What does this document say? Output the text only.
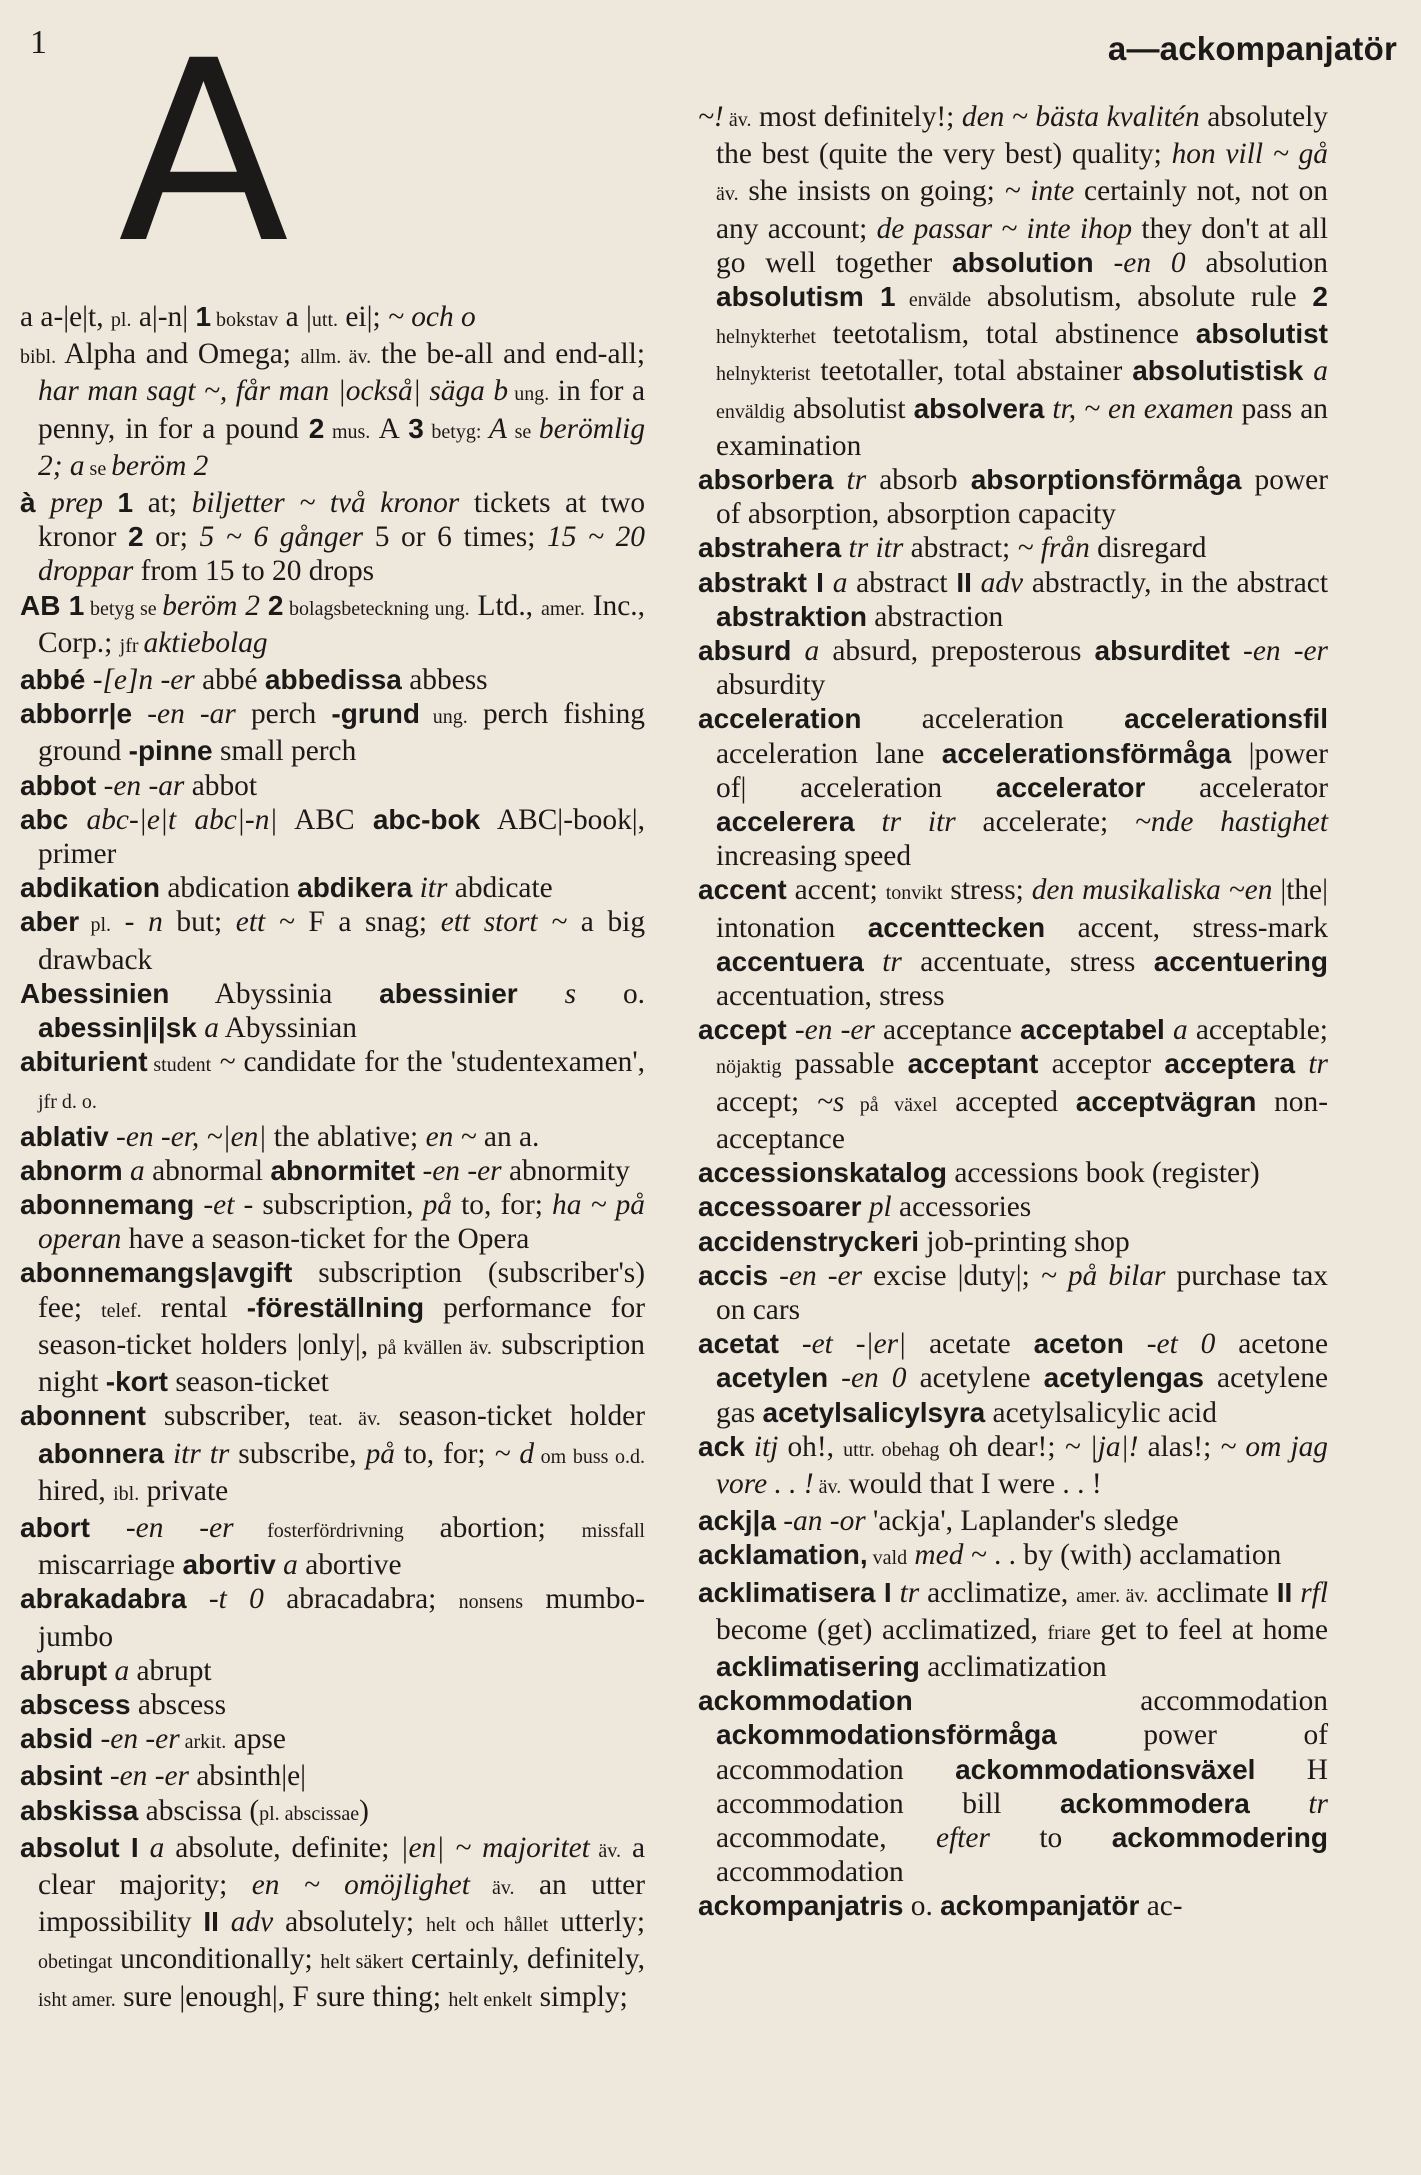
1	a—ackompanjatör
A

a a-|e|t, pl. a|-n| 1 bokstav a |utt. ei|; ~ och o

bibl. Alpha and Omega; allm. äv. the be-all and end-all; har man sagt ~, får man |också| säga b ung. in for a penny, in for a pound 2 mus. A 3 betyg: A se berömlig 2; a se beröm 2

à prep 1 at; biljetter ~ två kronor tickets at two kronor 2 or; 5 ~ 6 gånger 5 or 6 times; 15 ~ 20 droppar from 15 to 20 drops

AB 1 betyg se beröm 2 2 bolagsbeteckning ung. Ltd., amer. Inc., Corp.; jfr aktiebolag

abbé -[e]n -er abbé abbedissa abbess

abborr|e -en -ar perch -grund ung. perch fishing ground -pinne small perch

abbot -en -ar abbot

abc abc-|e|t abc|-n| ABC abc-bok ABC|-book|, primer

abdikation abdication abdikera itr abdicate

aber pl. - n but; ett ~ F a snag; ett stort ~ a big drawback

Abessinien Abyssinia abessinier s o. abessin|i|sk a Abyssinian

abiturient student ~ candidate for the 'studentexamen', jfr d. o.

ablativ -en -er, ~|en| the ablative; en ~ an a.

abnorm a abnormal abnormitet -en -er abnormity

abonnemang -et - subscription, på to, for; ha ~ på operan have a season-ticket for the Opera

abonnemangs|avgift subscription (subscriber's) fee; telef. rental -föreställning performance for season-ticket holders |only|, på kvällen äv. subscription night -kort season-ticket

abonnent subscriber, teat. äv. season-ticket holder abonnera itr tr subscribe, på to, for; ~ d om buss o.d. hired, ibl. private

abort -en -er fosterfördrivning abortion; missfall miscarriage abortiv a abortive

abrakadabra -t 0 abracadabra; nonsens mumbo-jumbo

abrupt a abrupt

abscess abscess

absid -en -er arkit. apse

absint -en -er absinth|e|

abskissa abscissa (pl. abscissae)

absolut I a absolute, definite; |en| ~ majoritet äv. a clear majority; en ~ omöjlighet äv. an utter impossibility II adv absolutely; helt och hållet utterly; obetingat unconditionally; helt säkert certainly, definitely, isht amer. sure |enough|, F sure thing; helt enkelt simply;

~! äv. most definitely!; den ~ bästa kvalitén absolutely the best (quite the very best) quality; hon vill ~ gå äv. she insists on going; ~ inte certainly not, not on any account; de passar ~ inte ihop they don't at all go well together absolution -en 0 absolution absolutism 1 envälde absolutism, absolute rule 2 helnykterhet teetotalism, total abstinence absolutist helnykterist teetotaller, total abstainer absolutistisk a enväldig absolutist absolvera tr, ~ en examen pass an examination

absorbera tr absorb absorptionsförmåga power of absorption, absorption capacity

abstrahera tr itr abstract; ~ från disregard

abstrakt I a abstract II adv abstractly, in the abstract abstraktion abstraction

absurd a absurd, preposterous absurditet -en -er absurdity

acceleration acceleration accelerationsfil acceleration lane accelerationsförmåga |power of| acceleration accelerator accelerator accelerera tr itr accelerate; ~nde hastighet increasing speed

accent accent; tonvikt stress; den musikaliska ~en |the| intonation accenttecken accent, stress-mark accentuera tr accentuate, stress accentuering accentuation, stress

accept -en -er acceptance acceptabel a acceptable; nöjaktig passable acceptant acceptor acceptera tr accept; ~s på växel accepted acceptvägran non-acceptance

accessionskatalog accessions book (register)

accessoarer pl accessories

accidenstryckeri job-printing shop

accis -en -er excise |duty|; ~ på bilar purchase tax on cars

acetat -et -|er| acetate aceton -et 0 acetone acetylen -en 0 acetylene acetylengas acetylene gas acetylsalicylsyra acetylsalicylic acid

ack itj oh!, uttr. obehag oh dear!; ~ |ja|! alas!; ~ om jag vore . . ! äv. would that I were . . !

ackj|a -an -or 'ackja', Laplander's sledge

acklamation, vald med ~ . . by (with) acclamation

acklimatisera I tr acclimatize, amer. äv. acclimate II rfl become (get) acclimatized, friare get to feel at home acklimatisering acclimatization

ackommodation accommodation ackommodationsförmåga power of accommodation ackommodationsväxel H accommodation bill ackommodera tr accommodate, efter to ackommodering accommodation

ackompanjatris o. ackompanjatör ac-
